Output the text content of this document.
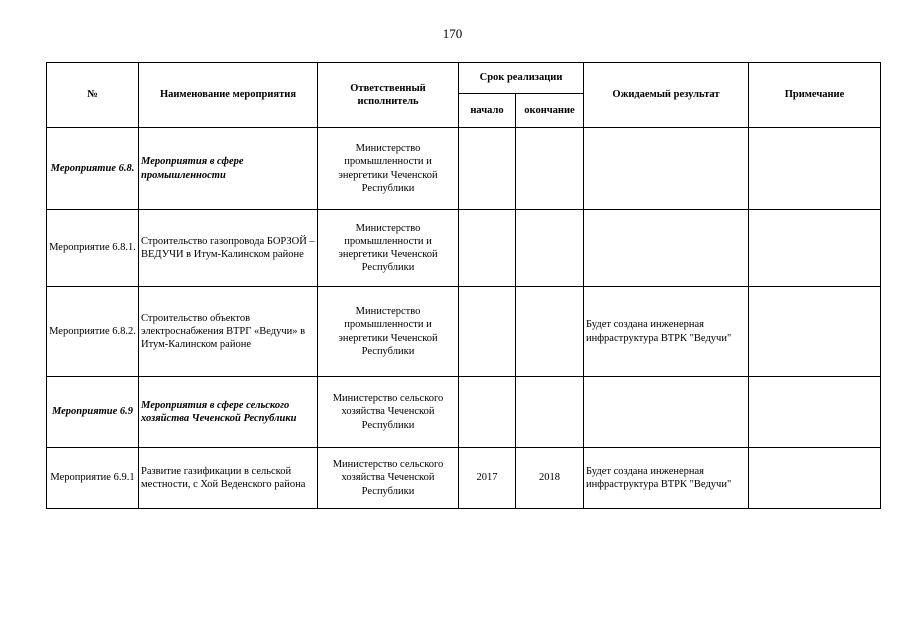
170
№	Наименование мероприятия	Ответственный исполнитель	Срок реализации		Ожидаемый результат	Примечание
			начало	окончание		
Мероприятие 6.8.	Мероприятия в сфере промышленности	Министерство промышленности и энергетики Чеченской Республики				
Мероприятие 6.8.1.	Строительство газопровода БОРЗОЙ – ВЕДУЧИ в Итум-Калинском районе	Министерство промышленности и энергетики Чеченской Республики				
Мероприятие 6.8.2.	Строительство объектов электроснабжения ВТРГ «Ведучи» в Итум-Калинском районе	Министерство промышленности и энергетики Чеченской Республики			Будет создана инженерная инфраструктура ВТРК "Ведучи"	
Мероприятие 6.9	Мероприятия в сфере сельского хозяйства Чеченской Республики	Министерство сельского хозяйства Чеченской Республики				
Мероприятие 6.9.1	Развитие газификации в сельской местности, с Хой Веденского района	Министерство сельского хозяйства Чеченской Республики	2017	2018	Будет создана инженерная инфраструктура ВТРК "Ведучи"	
